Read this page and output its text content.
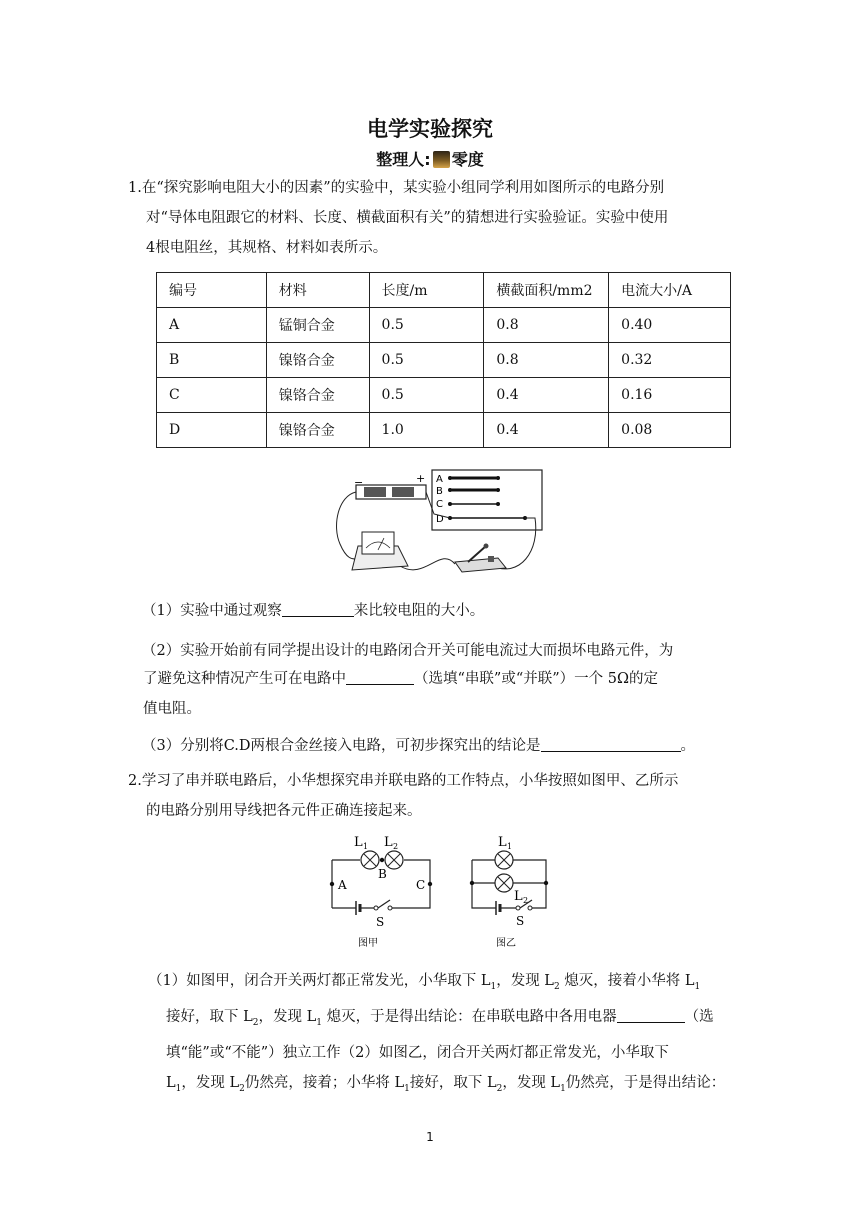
电学实验探究
整理人: 零度
1.在“探究影响电阻大小的因素”的实验中，某实验小组同学利用如图所示的电路分别
对“导体电阻跟它的材料、长度、横截面积有关”的猜想进行实验验证。实验中使用
4根电阻丝，其规格、材料如表所示。
编号	材料	长度/m	横截面积/mm2	电流大小/A
A	锰铜合金	0.5	0.8	0.40
B	镍铬合金	0.5	0.8	0.32
C	镍铬合金	0.5	0.4	0.16
D	镍铬合金	1.0	0.4	0.08
−	+ A
B
C
D
（1）实验中通过观察	来比较电阻的大小。
（2）实验开始前有同学提出设计的电路闭合开关可能电流过大而损坏电路元件，为
了避免这种情况产生可在电路中	（选填“串联”或“并联”）一个 5Ω的定
值电阻。
（3）分别将C.D两根合金丝接入电路，可初步探究出的结论是	。
2.学习了串并联电路后，小华想探究串并联电路的工作特点，小华按照如图甲、乙所示
的电路分别用导线把各元件正确连接起来。
L 1 L 2
A
B
C
S
图甲
L 1
L 2
S
图乙
（1）如图甲，闭合开关两灯都正常发光，小华取下 $L_1$，发现 $L_2$ 熄灭，接着小华将 $L_1$
接好，取下 $L_2$，发现 $L_1$ 熄灭，于是得出结论：在串联电路中各用电器	（选
填“能”或“不能”）独立工作（2）如图乙，闭合开关两灯都正常发光，小华取下
$L_1$，发现 $L_2$仍然亮，接着；小华将 $L_1$接好，取下 $L_2$，发现 $L_1$仍然亮，于是得出结论：
1
